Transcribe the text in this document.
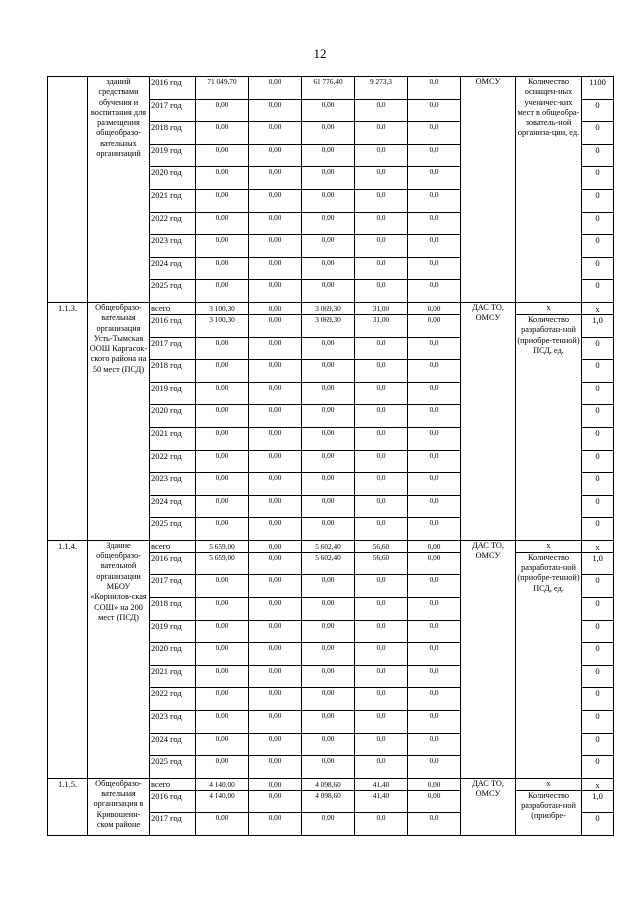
12
	зданий средствами обучения и воспитания для размещения общеобразо-вательных организаций	2016 год	71 049,70	0,00	61 776,40	9 273,3	0,0	ОМСУ	Количество оснащен-ных ученичес-ких мест в общеобра-зователь-ной организа-ции, ед.	1100
		2017 год	0,00	0,00	0,00	0,0	0,0			0
		2018 год	0,00	0,00	0,00	0,0	0,0			0
		2019 год	0,00	0,00	0,00	0,0	0,0			0
		2020 год	0,00	0,00	0,00	0,0	0,0			0
		2021 год	0,00	0,00	0,00	0,0	0,0			0
		2022 год	0,00	0,00	0,00	0,0	0,0			0
		2023 год	0,00	0,00	0,00	0,0	0,0			0
		2024 год	0,00	0,00	0,00	0,0	0,0			0
		2025 год	0,00	0,00	0,00	0,0	0,0			0
1.1.3.	Общеобразо-вательная организация Усть-Тымская ООШ Каргасок-ского района на 50 мест (ПСД)	всего	3 100,30	0,00	3 069,30	31,00	0,00	ДАС ТО, ОМСУ	х	х
		2016 год	3 100,30	0,00	3 069,30	31,00	0,00		Количество разработан-ной (приобре-тенной) ПСД, ед.	1,0
		2017 год	0,00	0,00	0,00	0,0	0,0			0
		2018 год	0,00	0,00	0,00	0,0	0,0			0
		2019 год	0,00	0,00	0,00	0,0	0,0			0
		2020 год	0,00	0,00	0,00	0,0	0,0			0
		2021 год	0,00	0,00	0,00	0,0	0,0			0
		2022 год	0,00	0,00	0,00	0,0	0,0			0
		2023 год	0,00	0,00	0,00	0,0	0,0			0
		2024 год	0,00	0,00	0,00	0,0	0,0			0
		2025 год	0,00	0,00	0,00	0,0	0,0			0
1.1.4.	Здание общеобразо-вательной организации МБОУ «Корнилов-ская СОШ» на 200 мест (ПСД)	всего	5 659,00	0,00	5 602,40	56,60	0,00	ДАС ТО, ОМСУ	х	х
		2016 год	5 659,00	0,00	5 602,40	56,60	0,00		Количество разработан-ной (приобре-тенной) ПСД, ед.	1,0
		2017 год	0,00	0,00	0,00	0,0	0,0			0
		2018 год	0,00	0,00	0,00	0,0	0,0			0
		2019 год	0,00	0,00	0,00	0,0	0,0			0
		2020 год	0,00	0,00	0,00	0,0	0,0			0
		2021 год	0,00	0,00	0,00	0,0	0,0			0
		2022 год	0,00	0,00	0,00	0,0	0,0			0
		2023 год	0,00	0,00	0,00	0,0	0,0			0
		2024 год	0,00	0,00	0,00	0,0	0,0			0
		2025 год	0,00	0,00	0,00	0,0	0,0			0
1.1.5.	Общеобразо-вательная организация в Кривошеин-ском районе	всего	4 140,00	0,00	4 098,60	41,40	0,00	ДАС ТО, ОМСУ	х	х
		2016 год	4 140,00	0,00	4 098,60	41,40	0,00		Количество разработан-ной (приобре-	1,0
		2017 год	0,00	0,00	0,00	0,0	0,0			0
